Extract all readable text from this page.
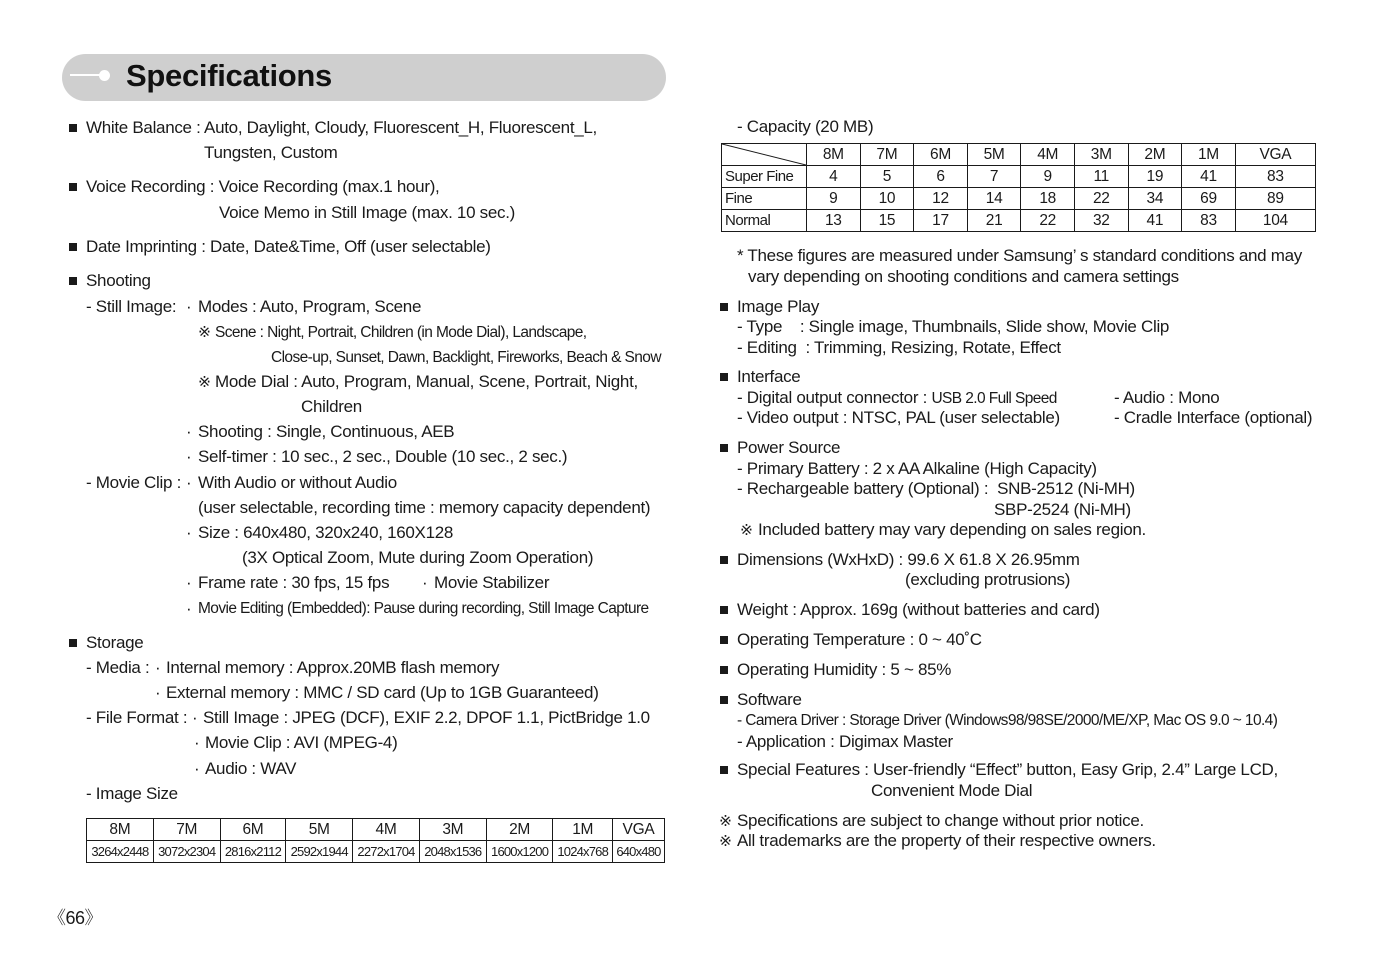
Specifications
White Balance : Auto, Daylight, Cloudy, Fluorescent_H, Fluorescent_L,
Tungsten, Custom
Voice Recording : Voice Recording (max.1 hour),
Voice Memo in Still Image (max. 10 sec.)
Date Imprinting : Date, Date&Time, Off (user selectable)
Shooting
- Still Image: · Modes : Auto, Program, Scene
※ Scene : Night, Portrait, Children (in Mode Dial), Landscape,
Close-up, Sunset, Dawn, Backlight, Fireworks, Beach & Snow
※ Mode Dial : Auto, Program, Manual, Scene, Portrait, Night,
Children
· Shooting : Single, Continuous, AEB
· Self-timer : 10 sec., 2 sec., Double (10 sec., 2 sec.)
- Movie Clip : · With Audio or without Audio
(user selectable, recording time : memory capacity dependent)
· Size : 640x480, 320x240, 160X128
(3X Optical Zoom, Mute during Zoom Operation)
· Frame rate : 30 fps, 15 fps · Movie Stabilizer
· Movie Editing (Embedded): Pause during recording, Still Image Capture
Storage
- Media : · Internal memory : Approx.20MB flash memory
· External memory : MMC / SD card (Up to 1GB Guaranteed)
- File Format : · Still Image : JPEG (DCF), EXIF 2.2, DPOF 1.1, PictBridge 1.0
· Movie Clip : AVI (MPEG-4)
· Audio : WAV
- Image Size
8M	7M	6M	5M	4M	3M	2M	1M	VGA
3264x2448	3072x2304	2816x2112	2592x1944	2272x1704	2048x1536	1600x1200	1024x768	640x480
《66》
- Capacity (20 MB)
	8M	7M	6M	5M	4M	3M	2M	1M	VGA
Super Fine	4	5	6	7	9	11	19	41	83
Fine	9	10	12	14	18	22	34	69	89
Normal	13	15	17	21	22	32	41	83	104
* These figures are measured under Samsung’ s standard conditions and may
vary depending on shooting conditions and camera settings
Image Play
- Type    : Single image, Thumbnails, Slide show, Movie Clip
- Editing  : Trimming, Resizing, Rotate, Effect
Interface
- Digital output connector : USB 2.0 Full Speed
- Video output : NTSC, PAL (user selectable)
- Audio : Mono
- Cradle Interface (optional)
Power Source
- Primary Battery : 2 x AA Alkaline (High Capacity)
- Rechargeable battery (Optional) :  SNB-2512 (Ni-MH)
SBP-2524 (Ni-MH)
※ Included battery may vary depending on sales region.
Dimensions (WxHxD) : 99.6 X 61.8 X 26.95mm
(excluding protrusions)
Weight : Approx. 169g (without batteries and card)
Operating Temperature : 0 ~ 40˚C
Operating Humidity : 5 ~ 85%
Software
- Camera Driver : Storage Driver (Windows98/98SE/2000/ME/XP, Mac OS 9.0 ~ 10.4)
- Application : Digimax Master
Special Features : User-friendly “Effect” button, Easy Grip, 2.4” Large LCD,
Convenient Mode Dial
※ Specifications are subject to change without prior notice.
※ All trademarks are the property of their respective owners.
